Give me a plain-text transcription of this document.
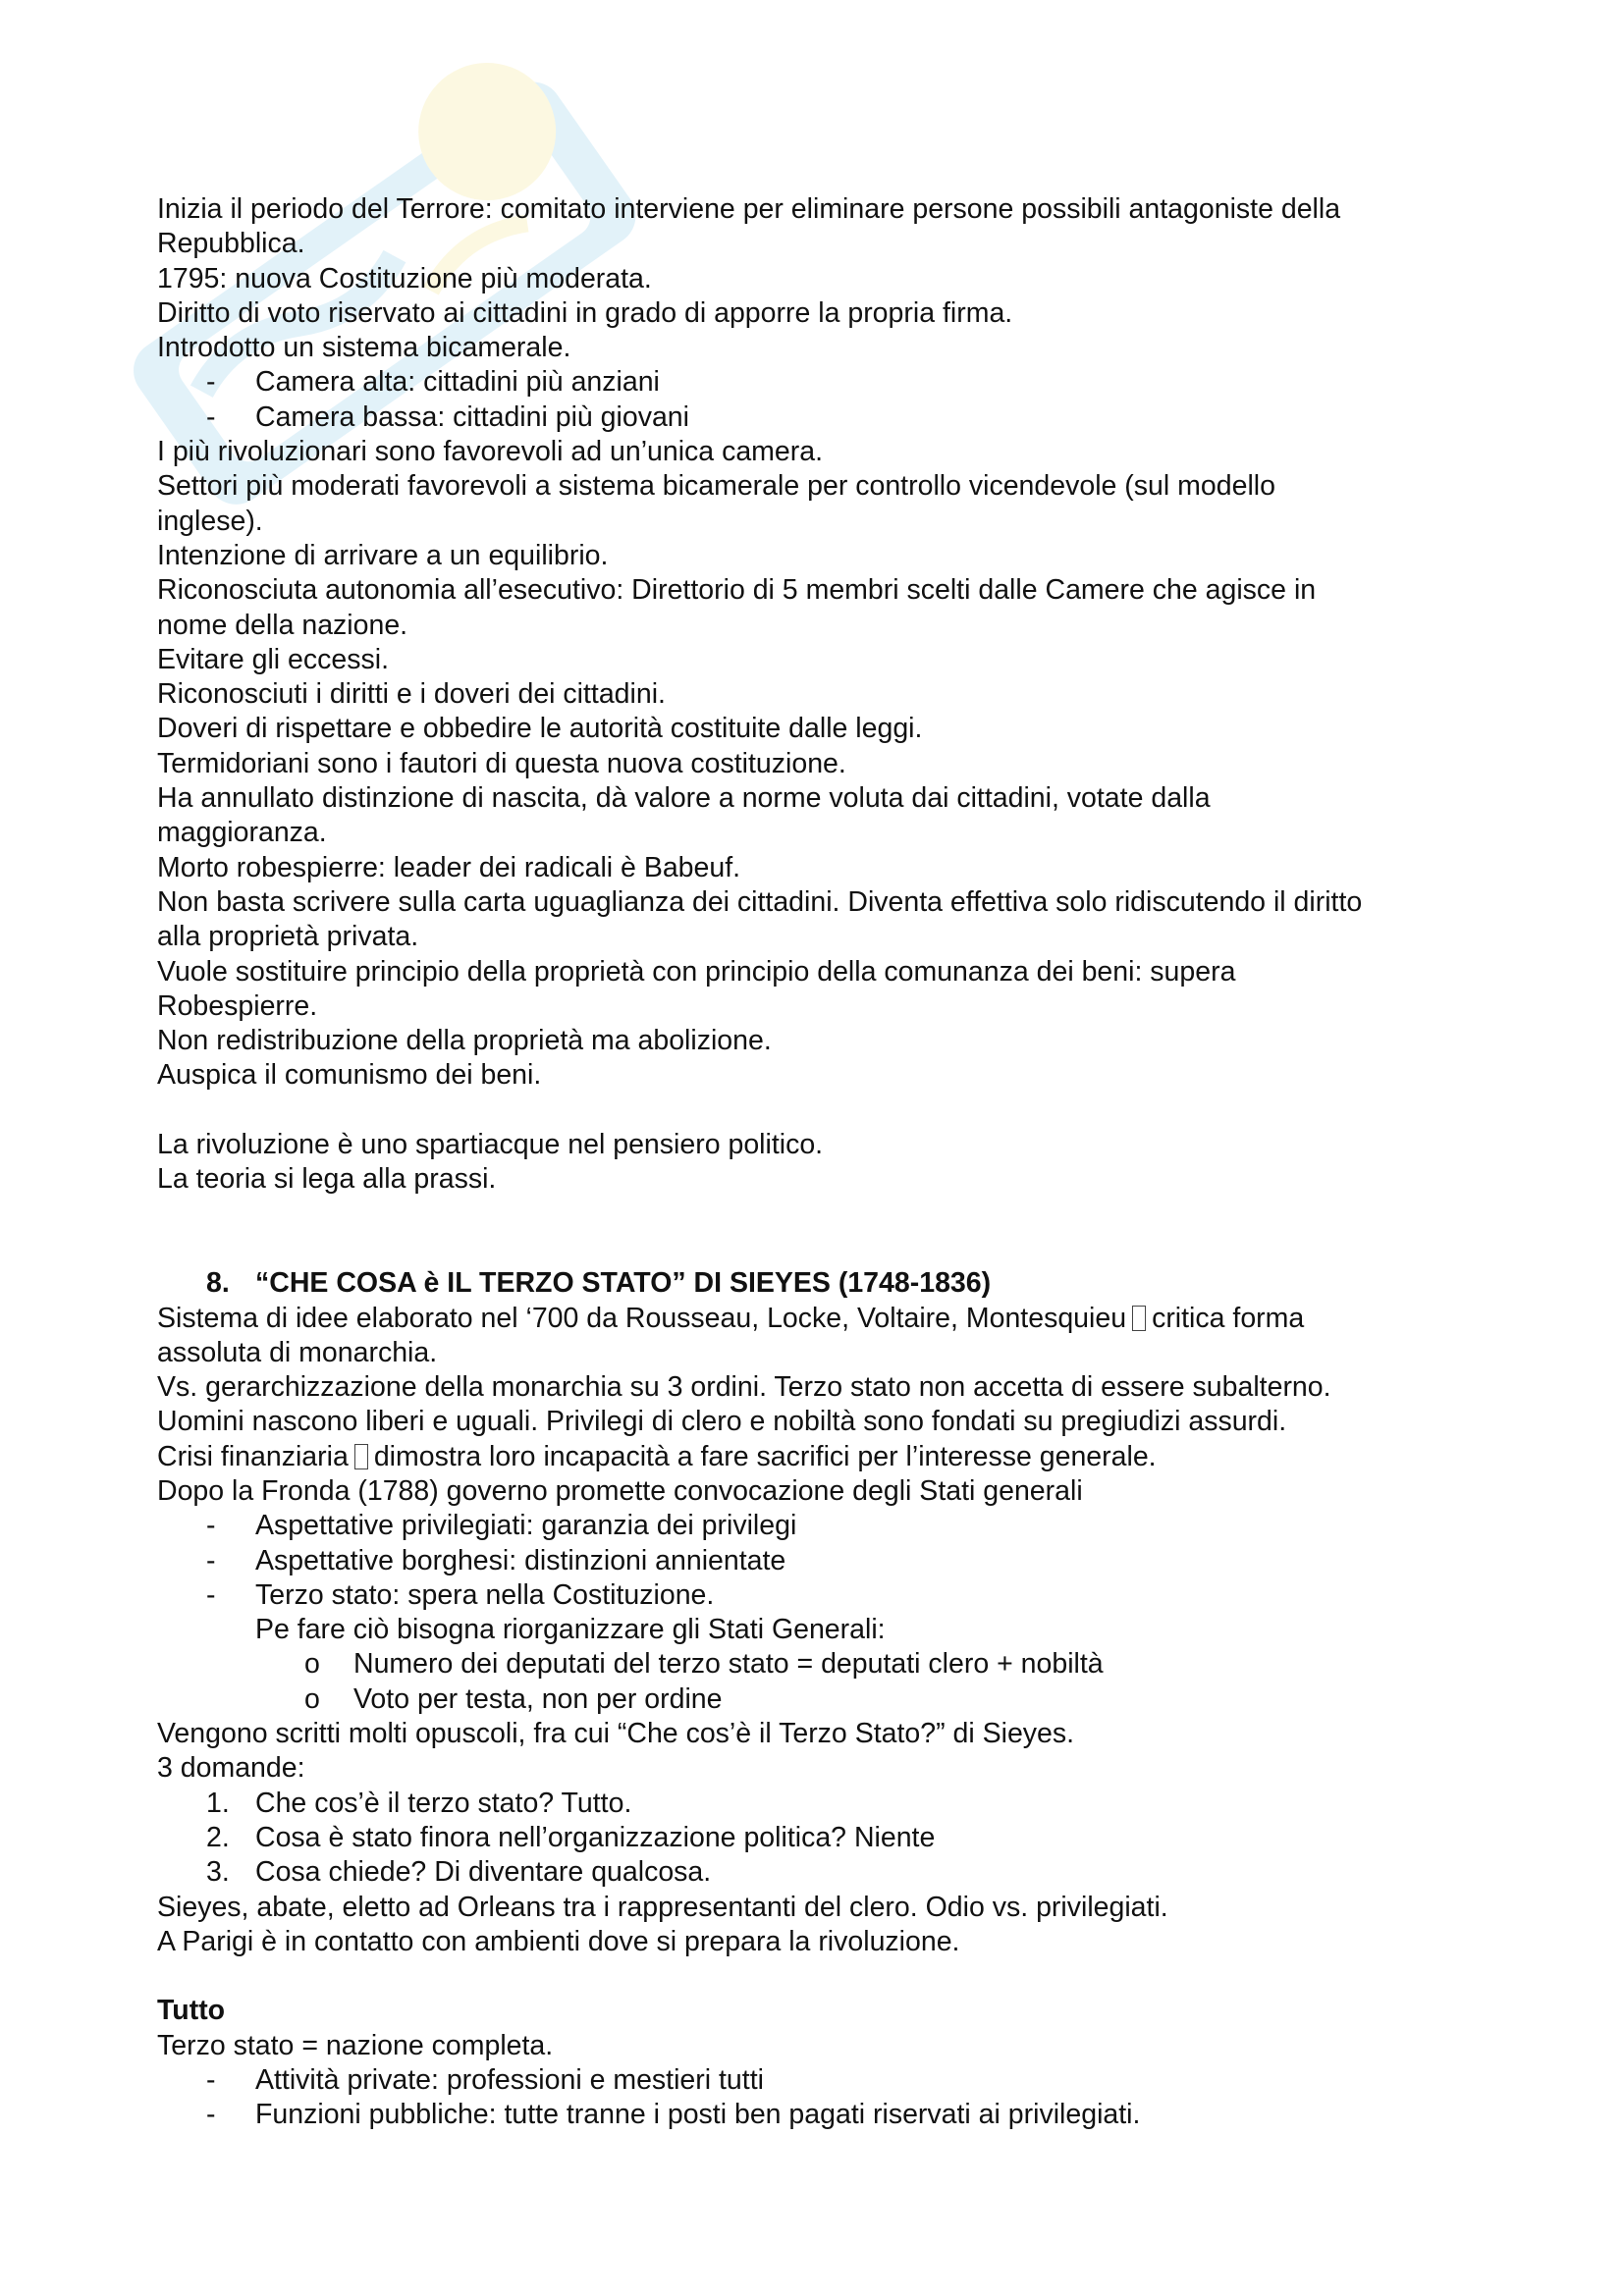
Inizia il periodo del Terrore: comitato interviene per eliminare persone possibili antagoniste della
Repubblica.
1795: nuova Costituzione più moderata.
Diritto di voto riservato ai cittadini in grado di apporre la propria firma.
Introdotto un sistema bicamerale.
- Camera alta: cittadini più anziani
- Camera bassa: cittadini più giovani
I più rivoluzionari sono favorevoli ad un’unica camera.
Settori più moderati favorevoli a sistema bicamerale per controllo vicendevole (sul modello
inglese).
Intenzione di arrivare a un equilibrio.
Riconosciuta autonomia all’esecutivo: Direttorio di 5 membri scelti dalle Camere che agisce in
nome della nazione.
Evitare gli eccessi.
Riconosciuti i diritti e i doveri dei cittadini.
Doveri di rispettare e obbedire le autorità costituite dalle leggi.
Termidoriani sono i fautori di questa nuova costituzione.
Ha annullato distinzione di nascita, dà valore a norme voluta dai cittadini, votate dalla
maggioranza.
Morto robespierre: leader dei radicali è Babeuf.
Non basta scrivere sulla carta uguaglianza dei cittadini. Diventa effettiva solo ridiscutendo il diritto
alla proprietà privata.
Vuole sostituire principio della proprietà con principio della comunanza dei beni: supera
Robespierre.
Non redistribuzione della proprietà ma abolizione.
Auspica il comunismo dei beni.
La rivoluzione è uno spartiacque nel pensiero politico.
La teoria si lega alla prassi.
8. “CHE COSA è IL TERZO STATO” DI SIEYES (1748-1836)
Sistema di idee elaborato nel ‘700 da Rousseau, Locke, Voltaire, Montesquieu critica forma
assoluta di monarchia.
Vs. gerarchizzazione della monarchia su 3 ordini. Terzo stato non accetta di essere subalterno.
Uomini nascono liberi e uguali. Privilegi di clero e nobiltà sono fondati su pregiudizi assurdi.
Crisi finanziaria dimostra loro incapacità a fare sacrifici per l’interesse generale.
Dopo la Fronda (1788) governo promette convocazione degli Stati generali
- Aspettative privilegiati: garanzia dei privilegi
- Aspettative borghesi: distinzioni annientate
- Terzo stato: spera nella Costituzione.
Pe fare ciò bisogna riorganizzare gli Stati Generali:
o Numero dei deputati del terzo stato = deputati clero + nobiltà
o Voto per testa, non per ordine
Vengono scritti molti opuscoli, fra cui “Che cos’è il Terzo Stato?” di Sieyes.
3 domande:
1. Che cos’è il terzo stato? Tutto.
2. Cosa è stato finora nell’organizzazione politica? Niente
3. Cosa chiede? Di diventare qualcosa.
Sieyes, abate, eletto ad Orleans tra i rappresentanti del clero. Odio vs. privilegiati.
A Parigi è in contatto con ambienti dove si prepara la rivoluzione.
Tutto
Terzo stato = nazione completa.
- Attività private: professioni e mestieri tutti
- Funzioni pubbliche: tutte tranne i posti ben pagati riservati ai privilegiati.
